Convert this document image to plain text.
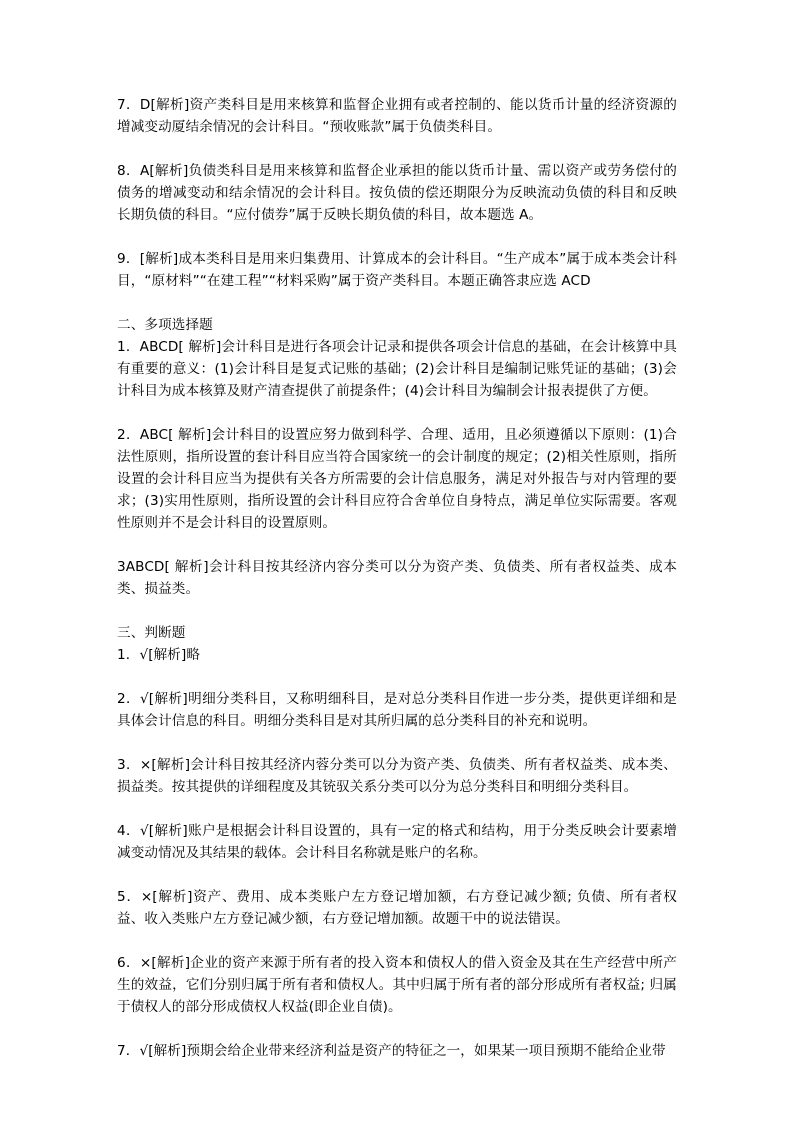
7．D[解析]资产类科目是用来核算和监督企业拥有或者控制的、能以货币计量的经济资源的增减变动厦结余情况的会计科目。“预收账款”属于负债类科目。

8．A[解析]负债类科目是用来核算和监督企业承担的能以货币计量、需以资产或劳务偿付的债务的增减变动和结余情况的会计科目。按负债的偿还期限分为反映流动负债的科目和反映长期负债的科目。“应付债券”属于反映长期负债的科目，故本题选 A。

9．[解析]成本类科目是用来归集费用、计算成本的会计科目。“生产成本”属于成本类会计科目，“原材料”“在建工程”“材料采购”属于资产类科目。本题正确答隶应选 ACD

二、多项选择题

1．ABCD[ 解析]会计科目是进行各项会计记录和提供各项会计信息的基础，在会计核算中具有重要的意义：(1)会计科目是复式记账的基础；(2)会计科目是编制记账凭证的基础；(3)会计科目为成本核算及财产清查提供了前提条件；(4)会计科目为编制会计报表提供了方便。

2．ABC[ 解析]会计科目的设置应努力做到科学、合理、适用，且必须遵循以下原则：(1)合法性原则，指所设置的套计科目应当符合国家统一的会计制度的规定；(2)相关性原则，指所设置的会计科目应当为提供有关各方所需要的会计信息服务，满足对外报告与对内管理的要求；(3)实用性原则，指所设置的会计科目应符合舍单位自身特点，满足单位实际需要。客观性原则并不是会计科目的设置原则。

3ABCD[ 解析]会计科目按其经济内容分类可以分为资产类、负债类、所有者权益类、成本类、损益类。

三、判断题

1．√[解析]略

2．√[解析]明细分类科目，又称明细科目，是对总分类科目作进一步分类，提供更详细和是具体会计信息的科目。明细分类科目是对其所归属的总分类科目的补充和说明。

3．×[解析]会计科目按其经济内蓉分类可以分为资产类、负债类、所有者权益类、成本类、损益类。按其提供的详细程度及其铳驭关系分类可以分为总分类科目和明细分类科目。

4．√[解析]账户是根据会计科目设置的，具有一定的格式和结构，用于分类反映会计要素增减变动情况及其结果的载体。会计科目名称就是账户的名称。

5．×[解析]资产、费用、成本类账户左方登记增加额，右方登记减少额; 负债、所有者权益、收入类账户左方登记减少额，右方登记增加额。故题干中的说法错误。

6．×[解析]企业的资产来源于所有者的投入资本和债权人的借入资金及其在生产经营中所产生的效益，它们分别归属于所有者和债权人。其中归属于所有者的部分形成所有者权益; 归属于债权人的部分形成债权人权益(即企业自债)。

7．√[解析]预期会给企业带来经济利益是资产的特征之一，如果某一项目预期不能给企业带
